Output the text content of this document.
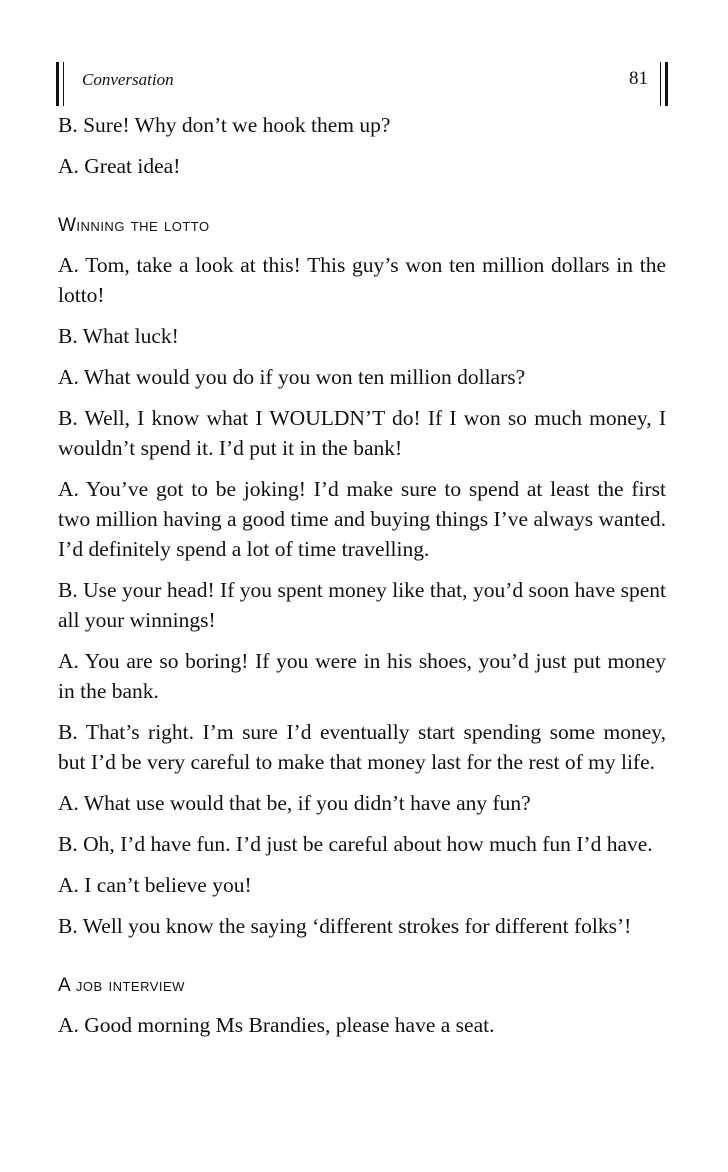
Conversation	81

B. Sure! Why don’t we hook them up?

A. Great idea!

Winning the lotto

A. Tom, take a look at this! This guy’s won ten million dollars in the lotto!

B. What luck!

A. What would you do if you won ten million dollars?

B. Well, I know what I WOULDN’T do! If I won so much money, I wouldn’t spend it. I’d put it in the bank!

A. You’ve got to be joking! I’d make sure to spend at least the first two million having a good time and buying things I’ve always wanted. I’d definitely spend a lot of time travelling.

B. Use your head! If you spent money like that, you’d soon have spent all your winnings!

A. You are so boring! If you were in his shoes, you’d just put money in the bank.

B. That’s right. I’m sure I’d eventually start spending some money, but I’d be very careful to make that money last for the rest of my life.

A. What use would that be, if you didn’t have any fun?

B. Oh, I’d have fun. I’d just be careful about how much fun I’d have.

A. I can’t believe you!

B. Well you know the saying ‘different strokes for different folks’!

A job interview

A. Good morning Ms Brandies, please have a seat.
